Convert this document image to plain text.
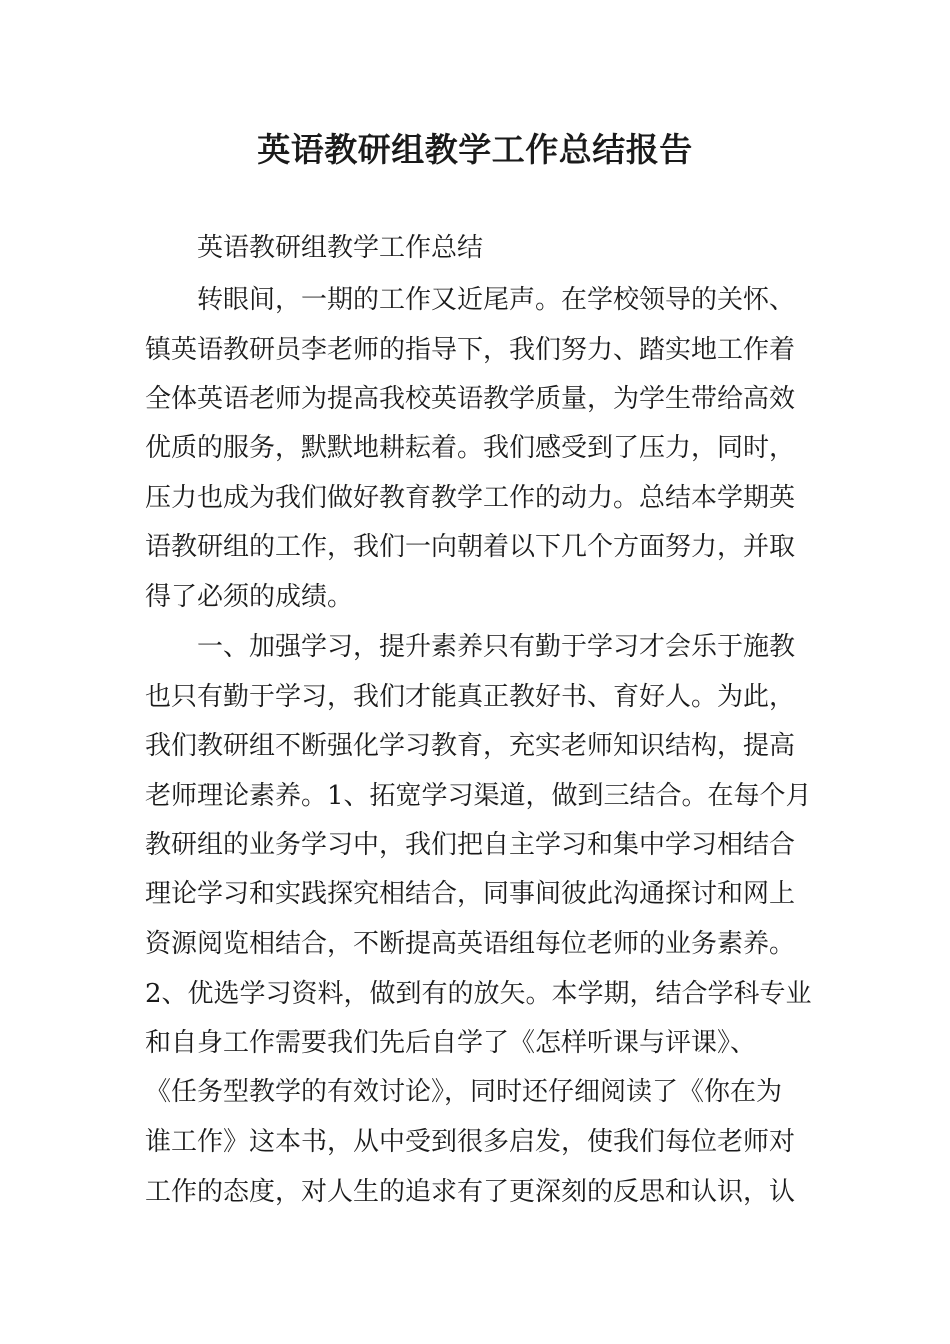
英语教研组教学工作总结报告

英语教研组教学工作总结

转眼间，一期的工作又近尾声。在学校领导的关怀、

镇英语教研员李老师的指导下，我们努力、踏实地工作着

全体英语老师为提高我校英语教学质量，为学生带给高效

优质的服务，默默地耕耘着。我们感受到了压力，同时，

压力也成为我们做好教育教学工作的动力。总结本学期英

语教研组的工作，我们一向朝着以下几个方面努力，并取

得了必须的成绩。

一、加强学习，提升素养只有勤于学习才会乐于施教

也只有勤于学习，我们才能真正教好书、育好人。为此，

我们教研组不断强化学习教育，充实老师知识结构，提高

老师理论素养。1、拓宽学习渠道，做到三结合。在每个月

教研组的业务学习中，我们把自主学习和集中学习相结合

理论学习和实践探究相结合，同事间彼此沟通探讨和网上

资源阅览相结合，不断提高英语组每位老师的业务素养。

2、优选学习资料，做到有的放矢。本学期，结合学科专业

和自身工作需要我们先后自学了《怎样听课与评课》、

《任务型教学的有效讨论》，同时还仔细阅读了《你在为

谁工作》这本书，从中受到很多启发，使我们每位老师对

工作的态度，对人生的追求有了更深刻的反思和认识，认
